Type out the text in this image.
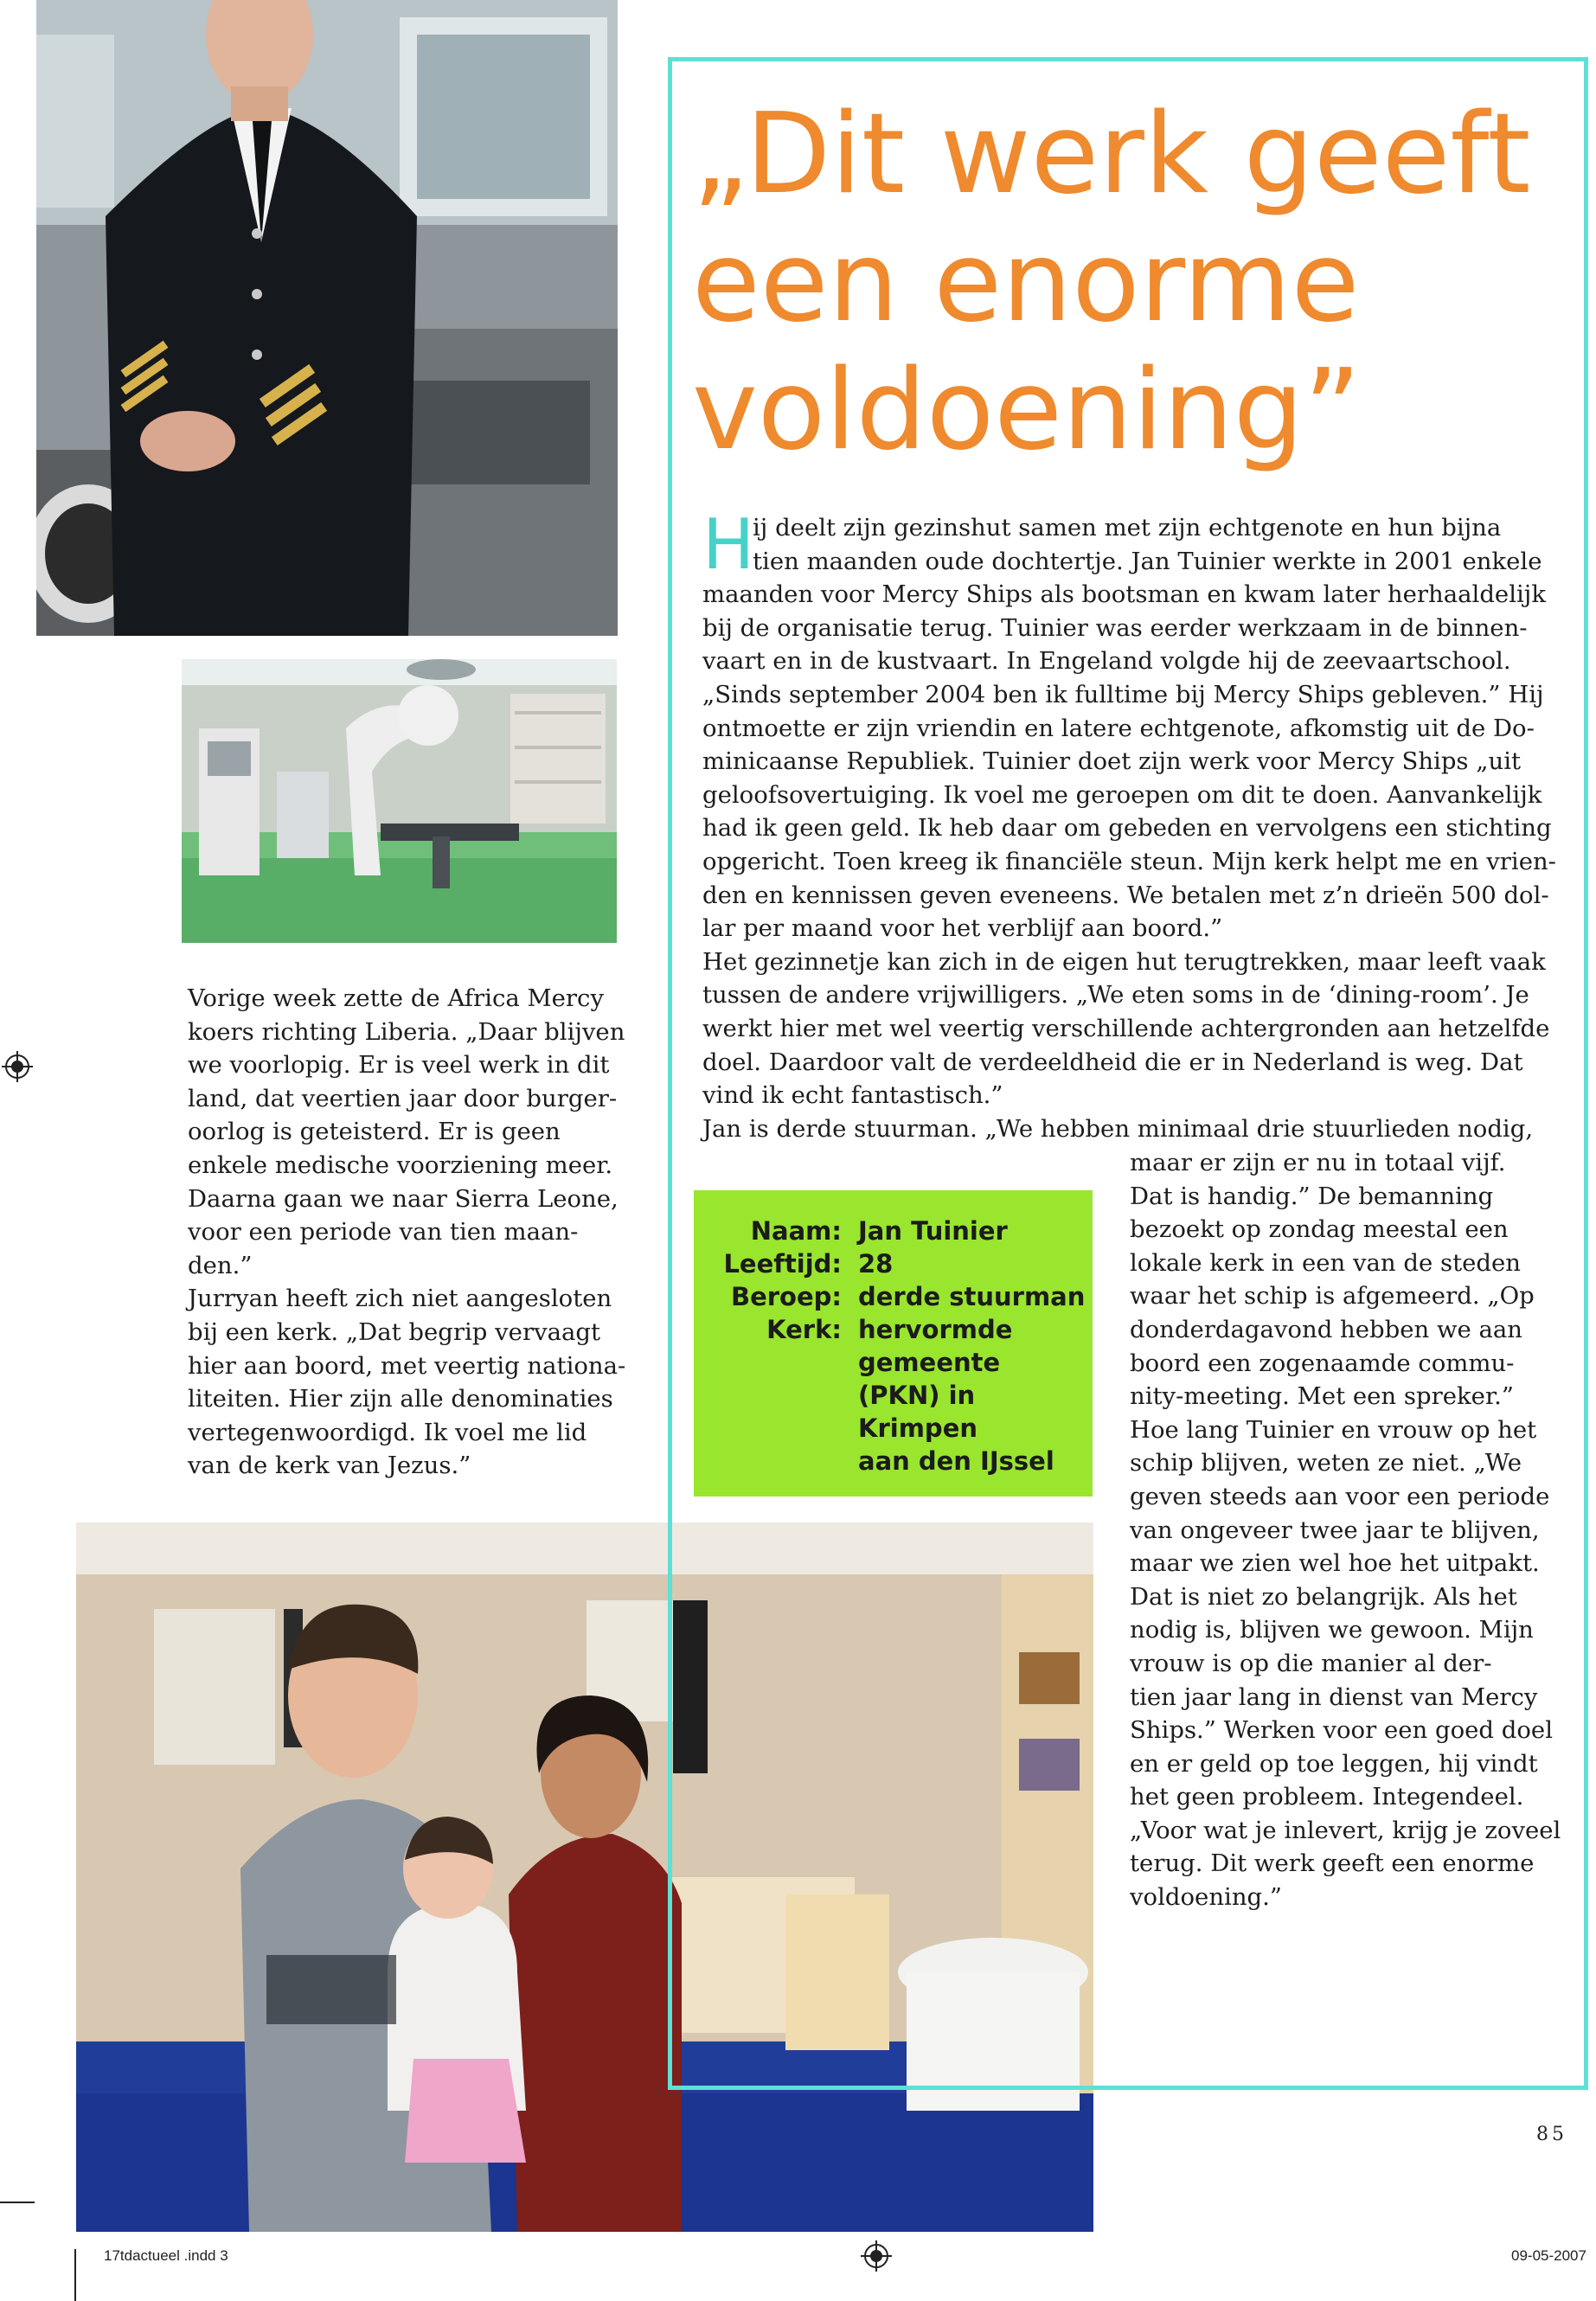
„Dit werk geeft
een enorme
voldoening”
H
ij deelt zijn gezinshut samen met zijn echtgenote en hun bijna
tien maanden oude dochtertje. Jan Tuinier werkte in 2001 enkele
maanden voor Mercy Ships als bootsman en kwam later herhaaldelijk
bij de organisatie terug. Tuinier was eerder werkzaam in de binnen-
vaart en in de kustvaart. In Engeland volgde hij de zeevaartschool.
„Sinds september 2004 ben ik fulltime bij Mercy Ships gebleven.” Hij
ontmoette er zijn vriendin en latere echtgenote, afkomstig uit de Do-
minicaanse Republiek. Tuinier doet zijn werk voor Mercy Ships „uit
geloofsovertuiging. Ik voel me geroepen om dit te doen. Aanvankelijk
had ik geen geld. Ik heb daar om gebeden en vervolgens een stichting
opgericht. Toen kreeg ik financiële steun. Mijn kerk helpt me en vrien-
den en kennissen geven eveneens. We betalen met z’n drieën 500 dol-
lar per maand voor het verblijf aan boord.”
Het gezinnetje kan zich in de eigen hut terugtrekken, maar leeft vaak
tussen de andere vrijwilligers. „We eten soms in de ‘dining-room’. Je
werkt hier met wel veertig verschillende achtergronden aan hetzelfde
doel. Daardoor valt de verdeeldheid die er in Nederland is weg. Dat
vind ik echt fantastisch.”
Jan is derde stuurman. „We hebben minimaal drie stuurlieden nodig,
maar er zijn er nu in totaal vijf.
Dat is handig.” De bemanning
bezoekt op zondag meestal een
lokale kerk in een van de steden
waar het schip is afgemeerd. „Op
donderdagavond hebben we aan
boord een zogenaamde commu-
nity-meeting. Met een spreker.”
Hoe lang Tuinier en vrouw op het
schip blijven, weten ze niet. „We
geven steeds aan voor een periode
van ongeveer twee jaar te blijven,
maar we zien wel hoe het uitpakt.
Dat is niet zo belangrijk. Als het
nodig is, blijven we gewoon. Mijn
vrouw is op die manier al der-
tien jaar lang in dienst van Mercy
Ships.” Werken voor een goed doel
en er geld op toe leggen, hij vindt
het geen probleem. Integendeel.
„Voor wat je inlevert, krijg je zoveel
terug. Dit werk geeft een enorme
voldoening.”
Vorige week zette de Africa Mercy
koers richting Liberia. „Daar blijven
we voorlopig. Er is veel werk in dit
land, dat veertien jaar door burger-
oorlog is geteisterd. Er is geen
enkele medische voorziening meer.
Daarna gaan we naar Sierra Leone,
voor een periode van tien maan-
den.”
Jurryan heeft zich niet aangesloten
bij een kerk. „Dat begrip vervaagt
hier aan boord, met veertig nationa-
liteiten. Hier zijn alle denominaties
vertegenwoordigd. Ik voel me lid
van de kerk van Jezus.”
Naam: Jan Tuinier
Leeftijd: 28
Beroep: derde stuurman
Kerk: hervormde
gemeente
(PKN) in
Krimpen
aan den IJssel
85
17tdactueel .indd 3	09-05-2007
